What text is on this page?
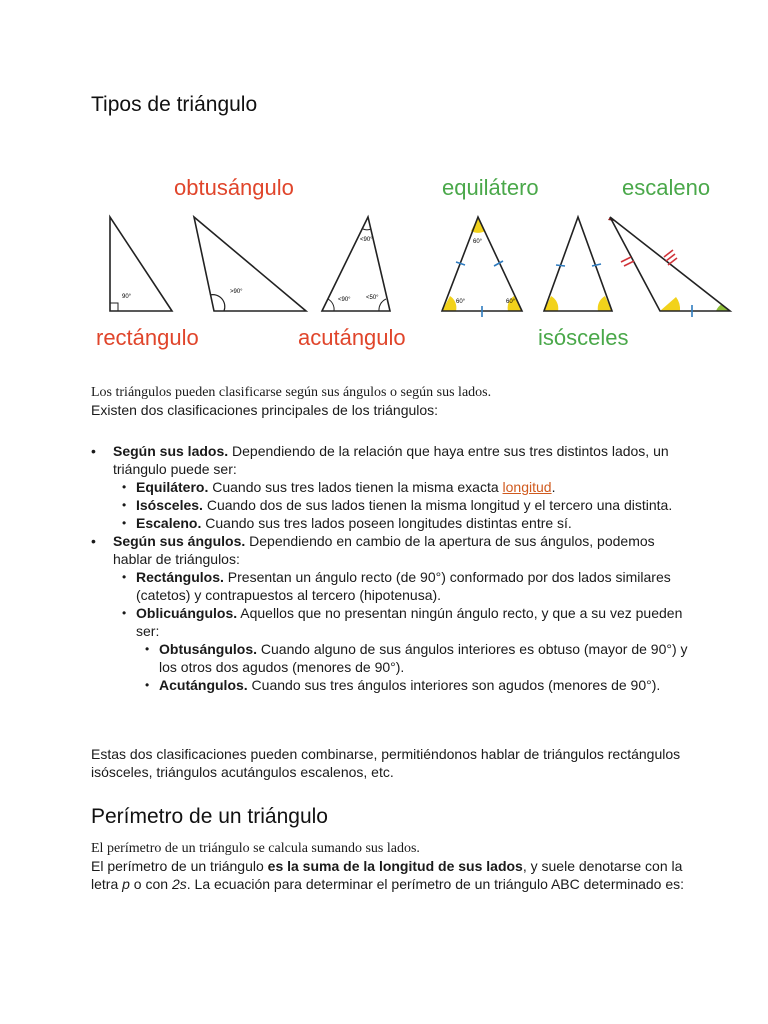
Tipos de triángulo
obtusángulo	equilátero	escaleno
rectángulo	acutángulo	isósceles
90°
>90°
<90°
<90°	<50°
60°
60°	60°
Los triángulos pueden clasificarse según sus ángulos o según sus lados.
Existen dos clasificaciones principales de los triángulos:
• Según sus lados. Dependiendo de la relación que haya entre sus tres distintos lados, un triángulo puede ser:
• Equilátero. Cuando sus tres lados tienen la misma exacta longitud.
• Isósceles. Cuando dos de sus lados tienen la misma longitud y el tercero una distinta.
• Escaleno. Cuando sus tres lados poseen longitudes distintas entre sí.
• Según sus ángulos. Dependiendo en cambio de la apertura de sus ángulos, podemos hablar de triángulos:
• Rectángulos. Presentan un ángulo recto (de 90°) conformado por dos lados similares (catetos) y contrapuestos al tercero (hipotenusa).
• Oblicuángulos. Aquellos que no presentan ningún ángulo recto, y que a su vez pueden ser:
• Obtusángulos. Cuando alguno de sus ángulos interiores es obtuso (mayor de 90°) y los otros dos agudos (menores de 90°).
• Acutángulos. Cuando sus tres ángulos interiores son agudos (menores de 90°).
Estas dos clasificaciones pueden combinarse, permitiéndonos hablar de triángulos rectángulos isósceles, triángulos acutángulos escalenos, etc.
Perímetro de un triángulo
El perímetro de un triángulo se calcula sumando sus lados.
El perímetro de un triángulo es la suma de la longitud de sus lados, y suele denotarse con la letra p o con 2s. La ecuación para determinar el perímetro de un triángulo ABC determinado es:
